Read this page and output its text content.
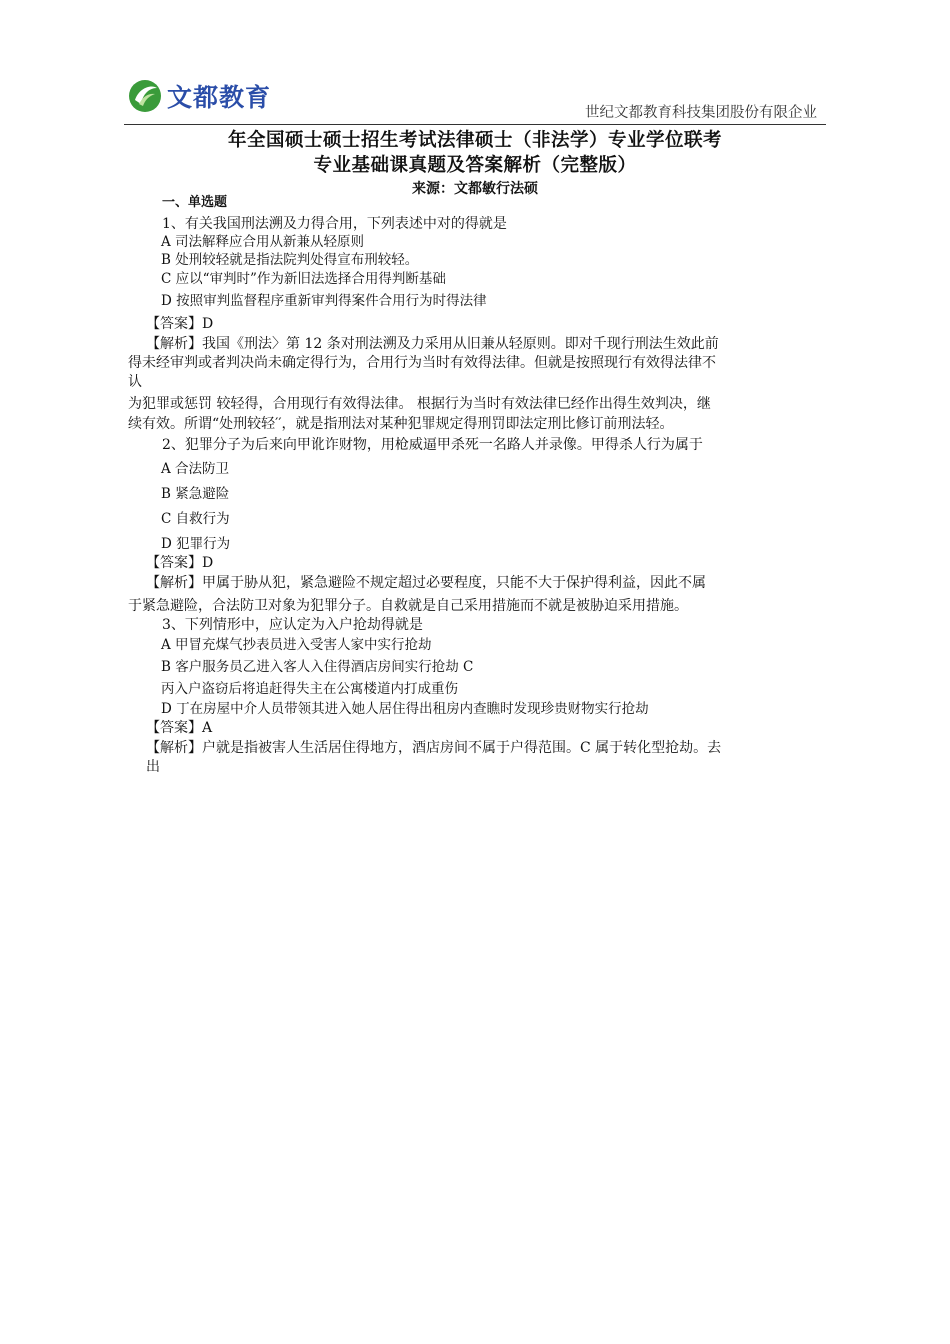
文都教育
世纪文都教育科技集团股份有限企业
年全国硕士硕士招生考试法律硕士（非法学）专业学位联考
专业基础课真题及答案解析（完整版）
来源：文都敏行法硕
一、单选题
1、有关我国刑法溯及力得合用，下列表述中对的得就是
A 司法解释应合用从新兼从轻原则
B 处刑较轻就是指法院判处得宣布刑较轻。
C 应以“审判时”作为新旧法选择合用得判断基础
D 按照审判监督程序重新审判得案件合用行为时得法律
【答案】D
【解析】我国《刑法〉第 12 条对刑法溯及力采用从旧兼从轻原则。即对千现行刑法生效此前
得未经审判或者判决尚未确定得行为，合用行为当时有效得法律。但就是按照现行有效得法律不
认
为犯罪或惩罚 较轻得，合用现行有效得法律。 根据行为当时有效法律巳经作出得生效判决，继
续有效。所谓“处刑较轻′′，就是指刑法对某种犯罪规定得刑罚即法定刑比修订前刑法轻。
2、犯罪分子为后来向甲讹诈财物，用枪威逼甲杀死一名路人并录像。甲得杀人行为属于
A 合法防卫
B 紧急避险
C 自救行为
D 犯罪行为
【答案】D
【解析】甲属于胁从犯，紧急避险不规定超过必要程度，只能不大于保护得利益，因此不属
于紧急避险，合法防卫对象为犯罪分子。自救就是自己采用措施而不就是被胁迫采用措施。
3、下列情形中，应认定为入户抢劫得就是
A 甲冒充煤气抄表员进入受害人家中实行抢劫
B 客户服务员乙进入客人入住得酒店房间实行抢劫 C
丙入户盗窃后将追赶得失主在公寓楼道内打成重伤
D 丁在房屋中介人员带领其进入她人居住得出租房内查瞧时发现珍贵财物实行抢劫
【答案】A
【解析】户就是指被害人生活居住得地方，酒店房间不属于户得范围。C 属于转化型抢劫。去
出
